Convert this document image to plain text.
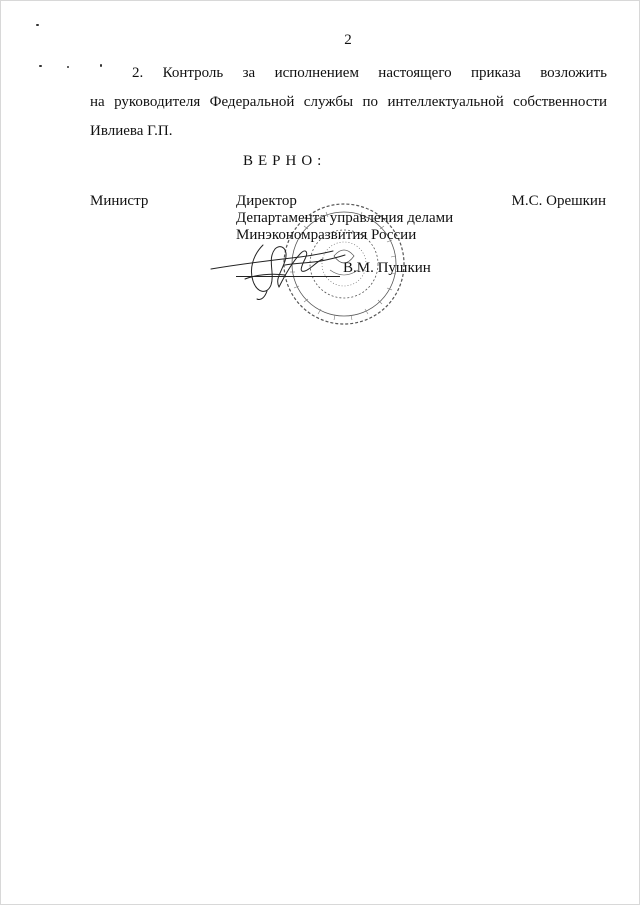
2
2. Контроль за исполнением настоящего приказа возложить
на руководителя Федеральной службы по интеллектуальной собственности
Ивлиева Г.П.
ВЕРНО:
Министр	М.С. Орешкин
Директор
Департамента управления делами
Минэкономразвития России
В.М. Пушкин
